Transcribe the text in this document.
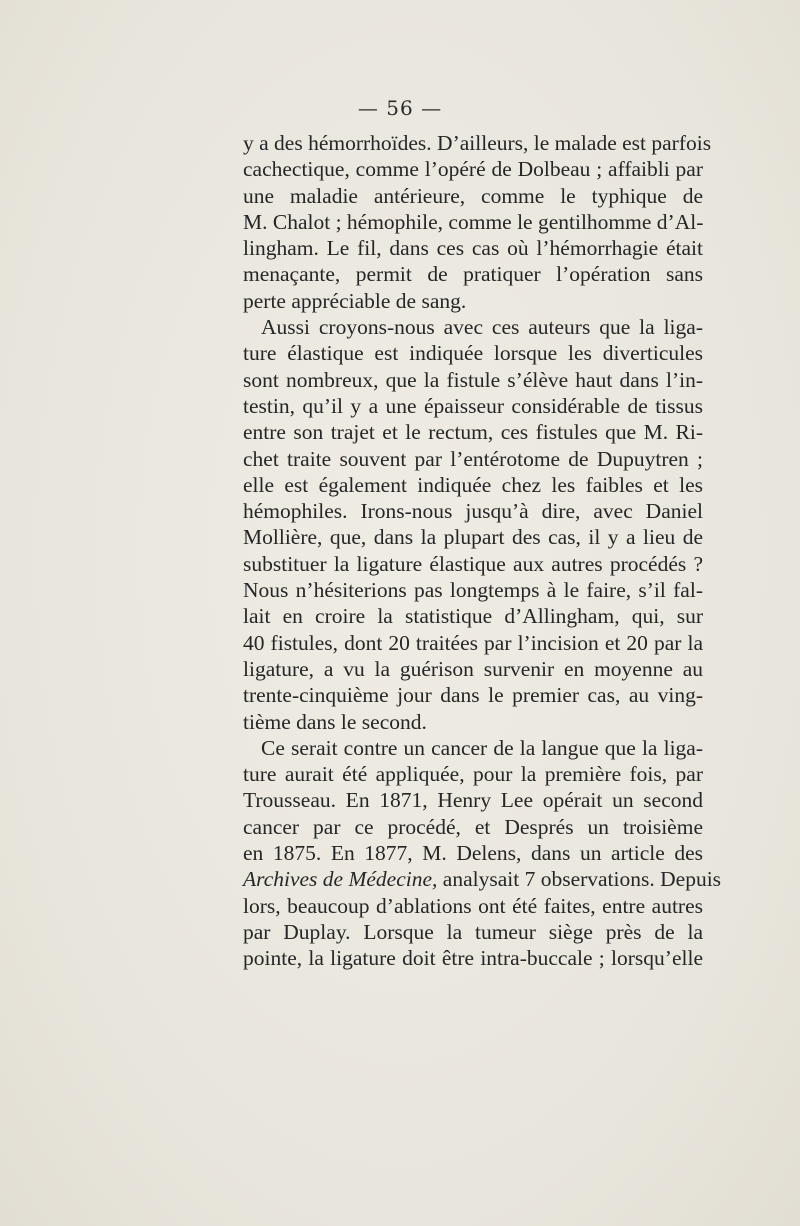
— 56 —

y a des hémorrhoïdes. D’ailleurs, le malade est parfois
cachectique, comme l’opéré de Dolbeau ; affaibli par
une maladie antérieure, comme le typhique de
M. Chalot ; hémophile, comme le gentilhomme d’Al-
lingham. Le fil, dans ces cas où l’hémorrhagie était
menaçante, permit de pratiquer l’opération sans
perte appréciable de sang.

Aussi croyons-nous avec ces auteurs que la liga-
ture élastique est indiquée lorsque les diverticules
sont nombreux, que la fistule s’élève haut dans l’in-
testin, qu’il y a une épaisseur considérable de tissus
entre son trajet et le rectum, ces fistules que M. Ri-
chet traite souvent par l’entérotome de Dupuytren ;
elle est également indiquée chez les faibles et les
hémophiles. Irons-nous jusqu’à dire, avec Daniel
Mollière, que, dans la plupart des cas, il y a lieu de
substituer la ligature élastique aux autres procédés ?
Nous n’hésiterions pas longtemps à le faire, s’il fal-
lait en croire la statistique d’Allingham, qui, sur
40 fistules, dont 20 traitées par l’incision et 20 par la
ligature, a vu la guérison survenir en moyenne au
trente-cinquième jour dans le premier cas, au ving-
tième dans le second.

Ce serait contre un cancer de la langue que la liga-
ture aurait été appliquée, pour la première fois, par
Trousseau. En 1871, Henry Lee opérait un second
cancer par ce procédé, et Després un troisième
en 1875. En 1877, M. Delens, dans un article des
Archives de Médecine, analysait 7 observations. Depuis
lors, beaucoup d’ablations ont été faites, entre autres
par Duplay. Lorsque la tumeur siège près de la
pointe, la ligature doit être intra-buccale ; lorsqu’elle
